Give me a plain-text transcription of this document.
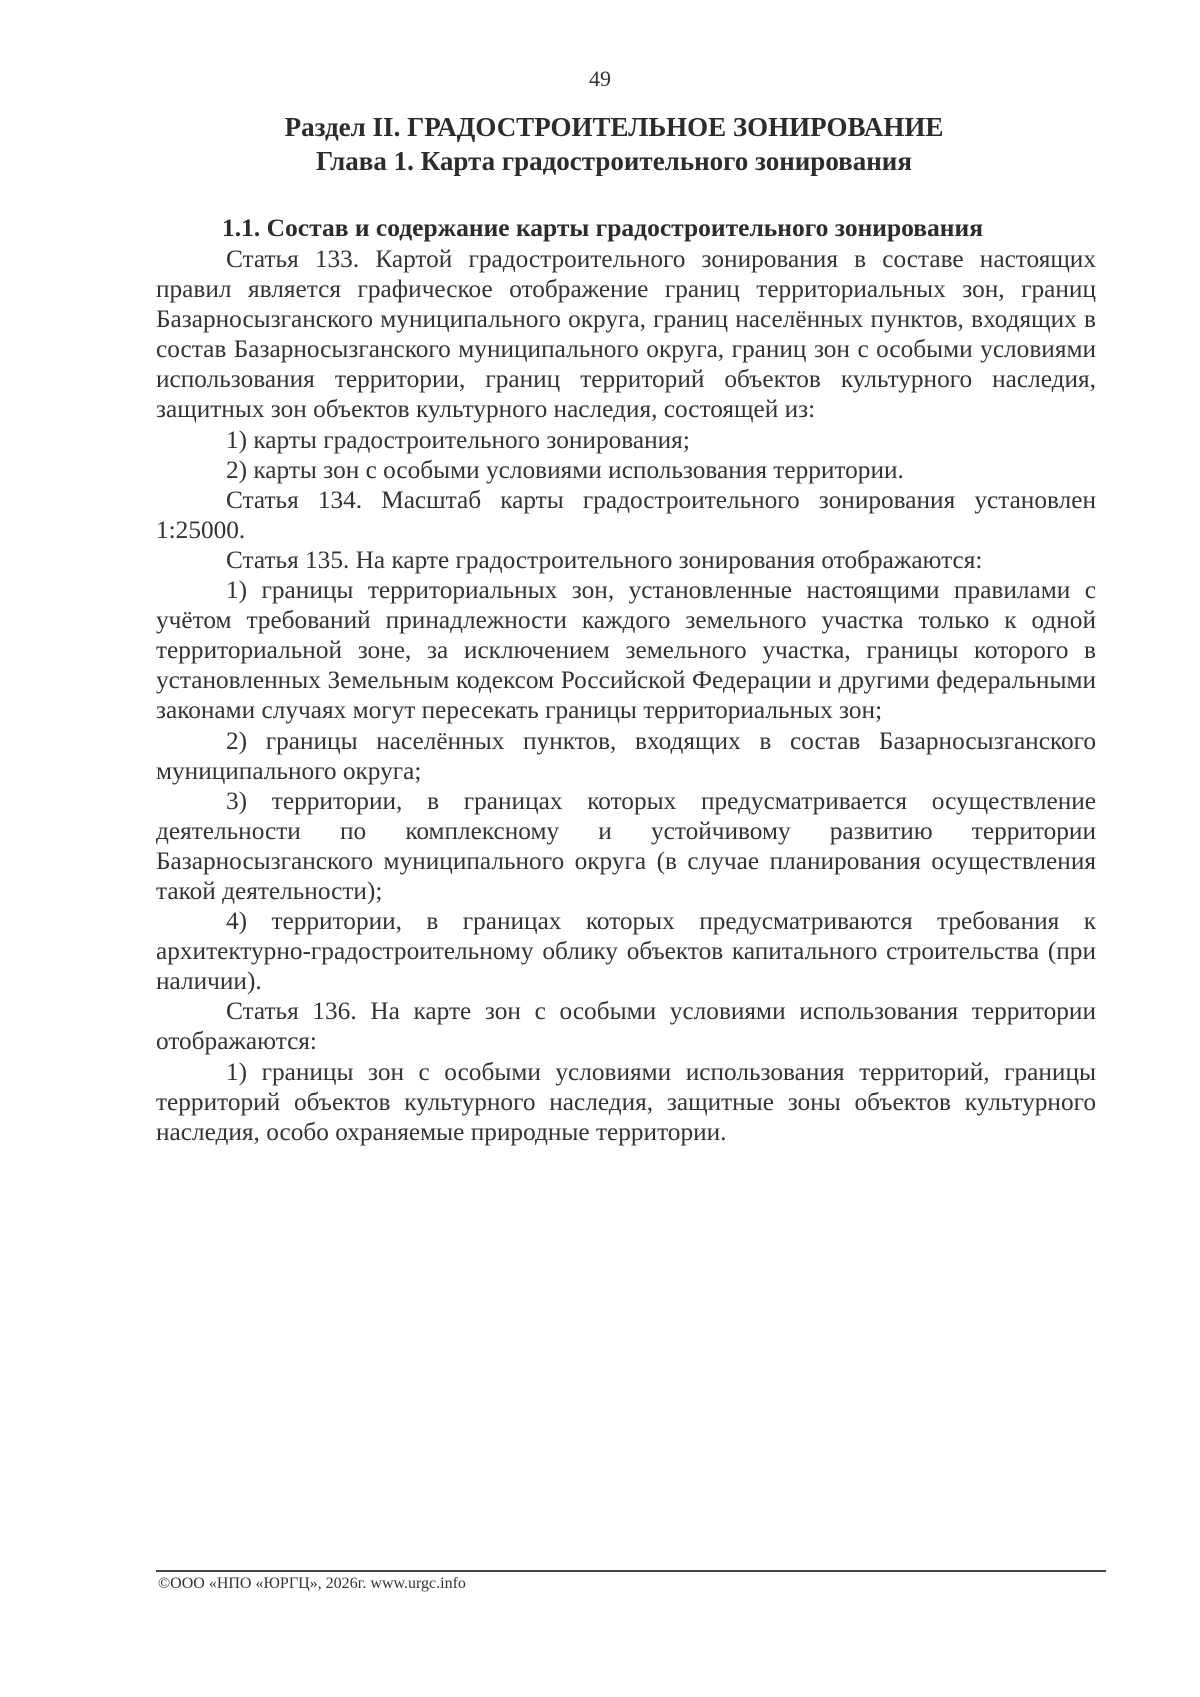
49
Раздел II. ГРАДОСТРОИТЕЛЬНОЕ ЗОНИРОВАНИЕ
Глава 1. Карта градостроительного зонирования
1.1. Состав и содержание карты градостроительного зонирования

Статья 133. Картой градостроительного зонирования в составе настоящих правил является графическое отображение границ территориальных зон, границ Базарносызганского муниципального округа, границ населённых пунктов, входящих в состав Базарносызганского муниципального округа, границ зон с особыми условиями использования территории, границ территорий объектов культурного наследия, защитных зон объектов культурного наследия, состоящей из:

1) карты градостроительного зонирования;

2) карты зон с особыми условиями использования территории.

Статья 134. Масштаб карты градостроительного зонирования установлен 1:25000.

Статья 135. На карте градостроительного зонирования отображаются:

1) границы территориальных зон, установленные настоящими правилами с учётом требований принадлежности каждого земельного участка только к одной территориальной зоне, за исключением земельного участка, границы которого в установленных Земельным кодексом Российской Федерации и другими федеральными законами случаях могут пересекать границы территориальных зон;

2) границы населённых пунктов, входящих в состав Базарносызганского муниципального округа;

3) территории, в границах которых предусматривается осуществление деятельности по комплексному и устойчивому развитию территории Базарносызганского муниципального округа (в случае планирования осуществления такой деятельности);

4) территории, в границах которых предусматриваются требования к архитектурно-градостроительному облику объектов капитального строительства (при наличии).

Статья 136. На карте зон с особыми условиями использования территории отображаются:

1) границы зон с особыми условиями использования территорий, границы территорий объектов культурного наследия, защитные зоны объектов культурного наследия, особо охраняемые природные территории.

©ООО «НПО «ЮРГЦ», 2026г. www.urgc.info
